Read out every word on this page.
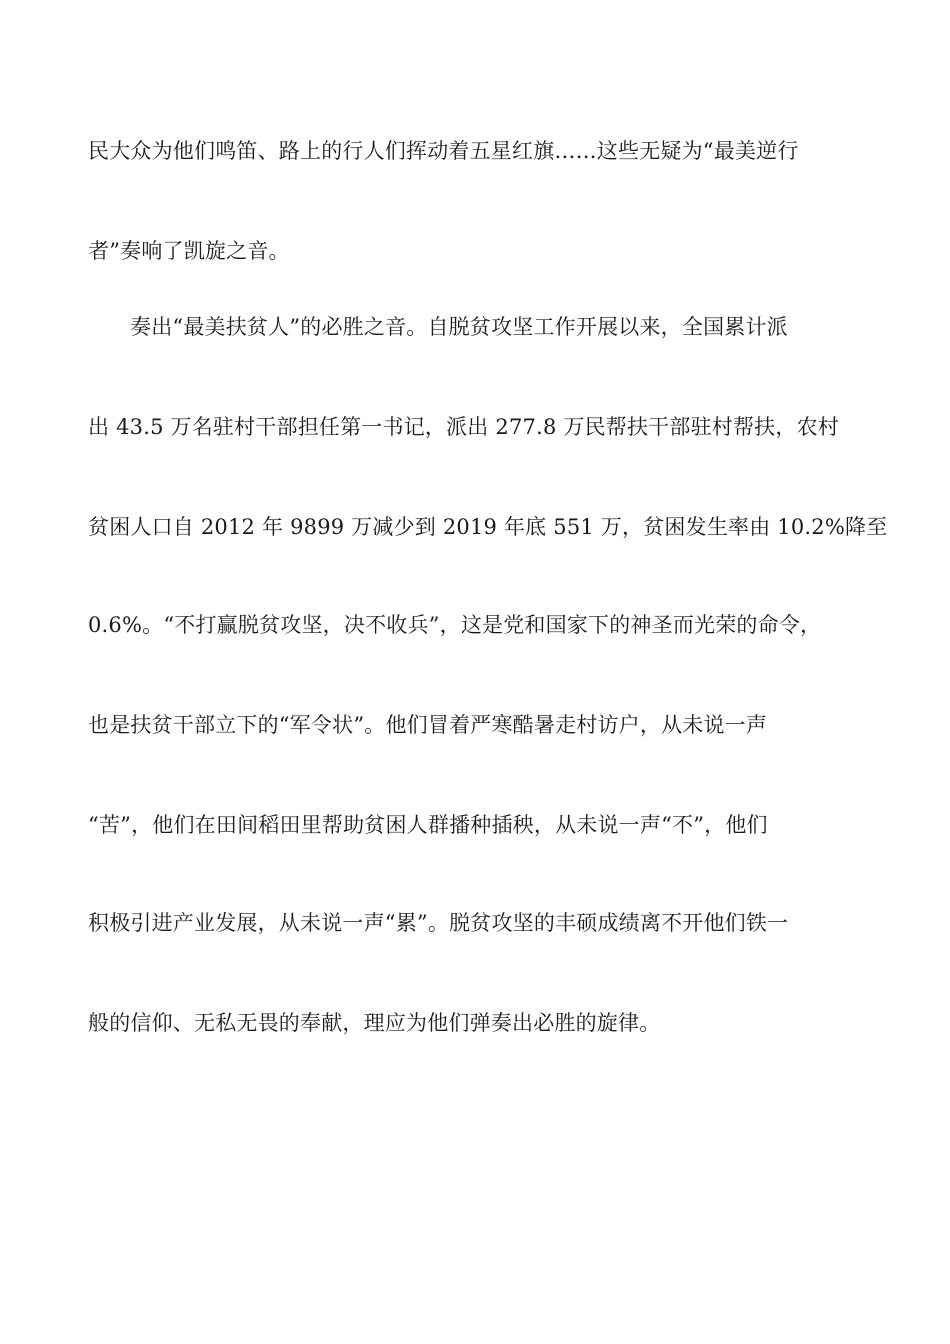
民大众为他们鸣笛、路上的行人们挥动着五星红旗……这些无疑为“最美逆行
者”奏响了凯旋之音。
奏出“最美扶贫人”的必胜之音。自脱贫攻坚工作开展以来，全国累计派
出 43.5 万名驻村干部担任第一书记，派出 277.8 万民帮扶干部驻村帮扶，农村
贫困人口自 2012 年 9899 万减少到 2019 年底 551 万，贫困发生率由 10.2%降至
0.6%。“不打赢脱贫攻坚，决不收兵”，这是党和国家下的神圣而光荣的命令，
也是扶贫干部立下的“军令状”。他们冒着严寒酷暑走村访户，从未说一声
“苦”，他们在田间稻田里帮助贫困人群播种插秧，从未说一声“不”，他们
积极引进产业发展，从未说一声“累”。脱贫攻坚的丰硕成绩离不开他们铁一
般的信仰、无私无畏的奉献，理应为他们弹奏出必胜的旋律。
